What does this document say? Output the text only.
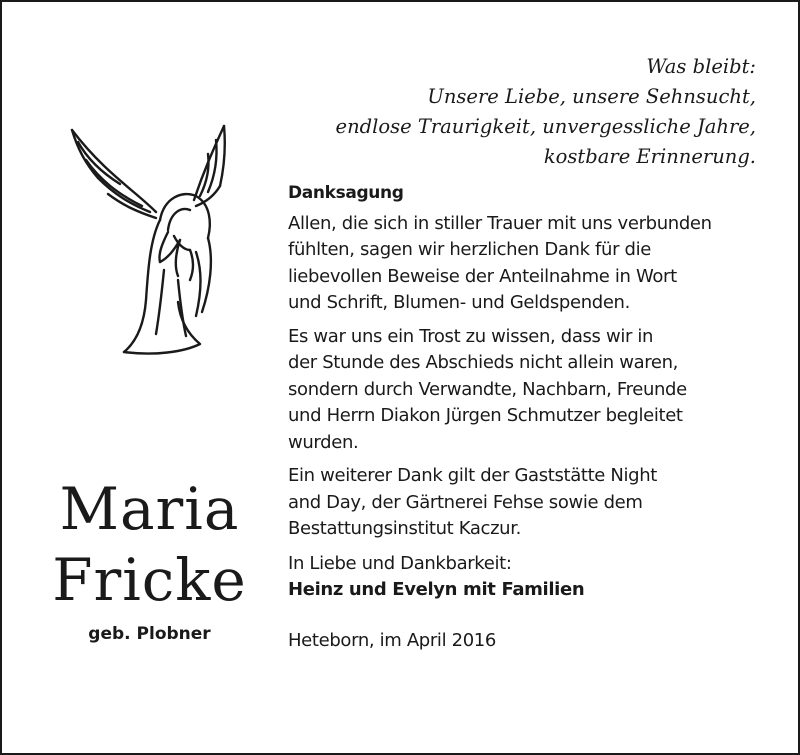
Was bleibt:
Unsere Liebe, unsere Sehnsucht,
endlose Traurigkeit, unvergessliche Jahre,
kostbare Erinnerung.
Maria
Fricke
geb. Plobner
Danksagung
Allen, die sich in stiller Trauer mit uns verbunden
fühlten, sagen wir herzlichen Dank für die
liebevollen Beweise der Anteilnahme in Wort
und Schrift, Blumen- und Geldspenden.
Es war uns ein Trost zu wissen, dass wir in
der Stunde des Abschieds nicht allein waren,
sondern durch Verwandte, Nachbarn, Freunde
und Herrn Diakon Jürgen Schmutzer begleitet
wurden.
Ein weiterer Dank gilt der Gaststätte Night
and Day, der Gärtnerei Fehse sowie dem
Bestattungsinstitut Kaczur.
In Liebe und Dankbarkeit:
Heinz und Evelyn mit Familien
Heteborn, im April 2016
